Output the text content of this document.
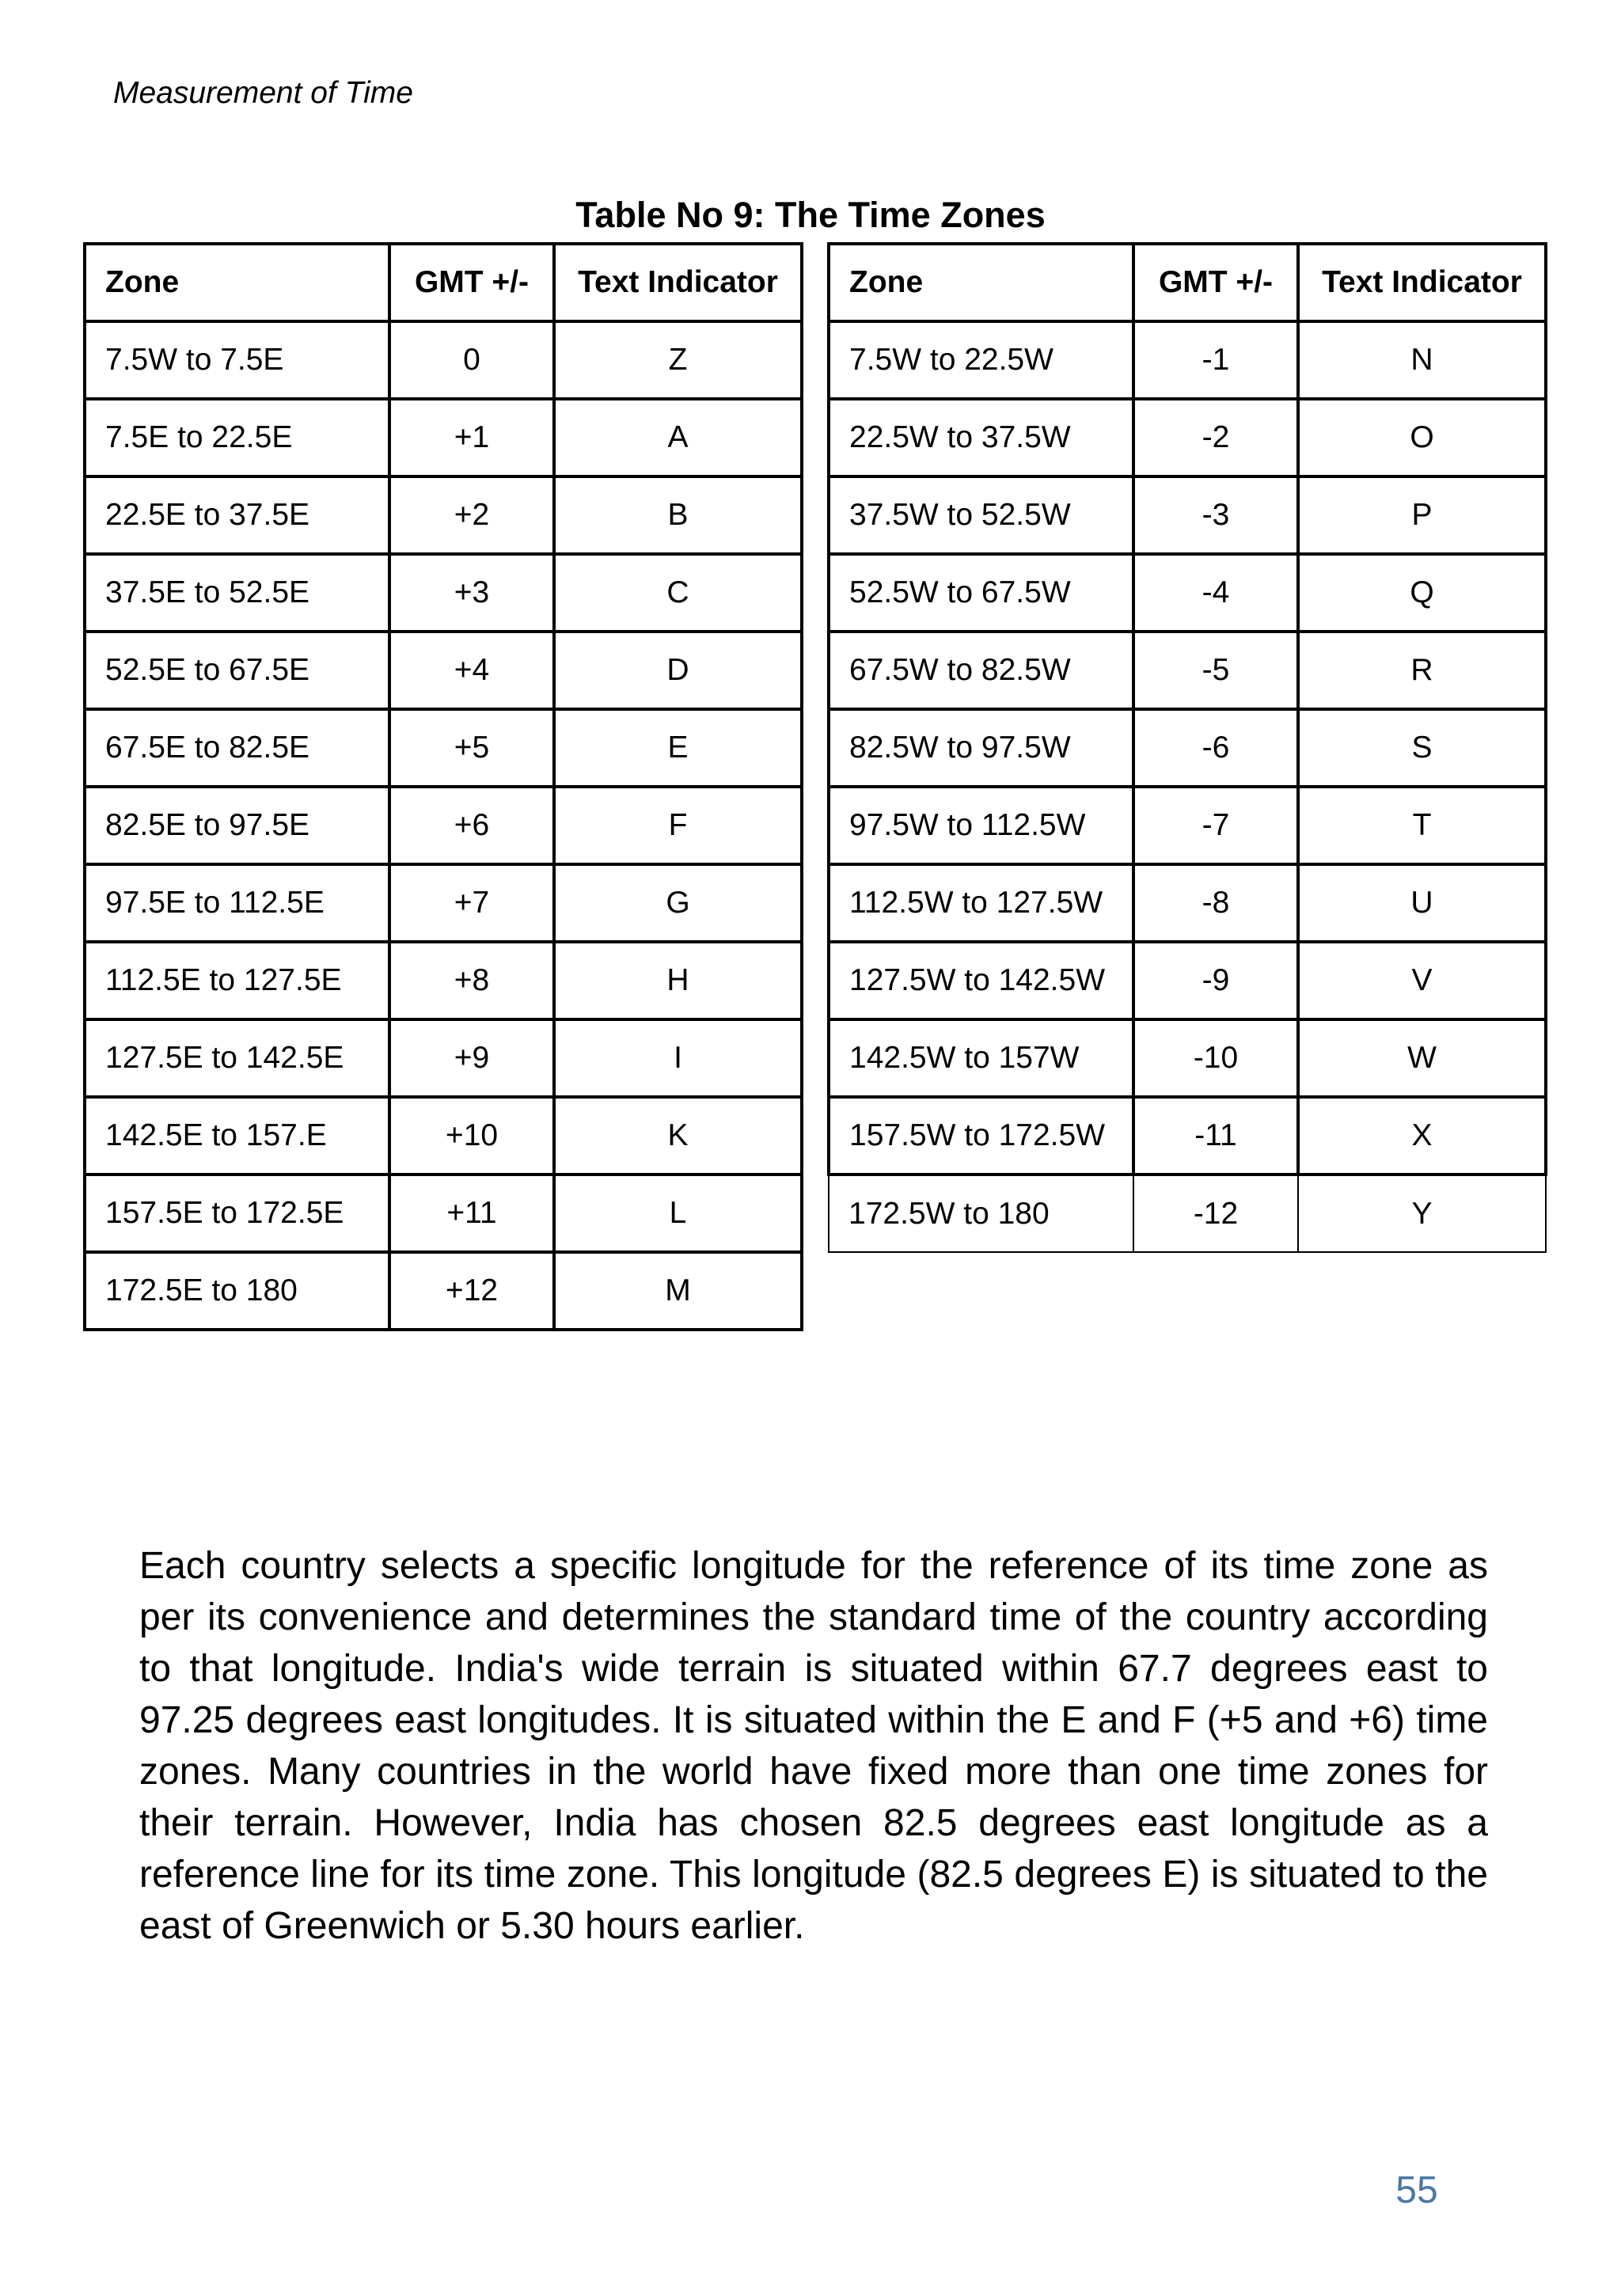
Measurement of Time
Table No 9: The Time Zones
Zone	GMT +/-	Text Indicator
7.5W to 7.5E	0	Z
7.5E to 22.5E	+1	A
22.5E to 37.5E	+2	B
37.5E to 52.5E	+3	C
52.5E to 67.5E	+4	D
67.5E to 82.5E	+5	E
82.5E to 97.5E	+6	F
97.5E to 112.5E	+7	G
112.5E to 127.5E	+8	H
127.5E to 142.5E	+9	I
142.5E to 157.E	+10	K
157.5E to 172.5E	+11	L
172.5E to 180	+12	M
Zone	GMT +/-	Text Indicator
7.5W to 22.5W	-1	N
22.5W to 37.5W	-2	O
37.5W to 52.5W	-3	P
52.5W to 67.5W	-4	Q
67.5W to 82.5W	-5	R
82.5W to 97.5W	-6	S
97.5W to 112.5W	-7	T
112.5W to 127.5W	-8	U
127.5W to 142.5W	-9	V
142.5W to 157W	-10	W
157.5W to 172.5W	-11	X
172.5W to 180	-12	Y

Each country selects a specific longitude for the reference of its time zone as per its convenience and determines the standard time of the country according to that longitude. India's wide terrain is situated within 67.7 degrees east to 97.25 degrees east longitudes. It is situated within the E and F (+5 and +6) time zones. Many countries in the world have fixed more than one time zones for their terrain. However, India has chosen 82.5 degrees east longitude as a reference line for its time zone. This longitude (82.5 degrees E) is situated to the east of Greenwich or 5.30 hours earlier.

55
